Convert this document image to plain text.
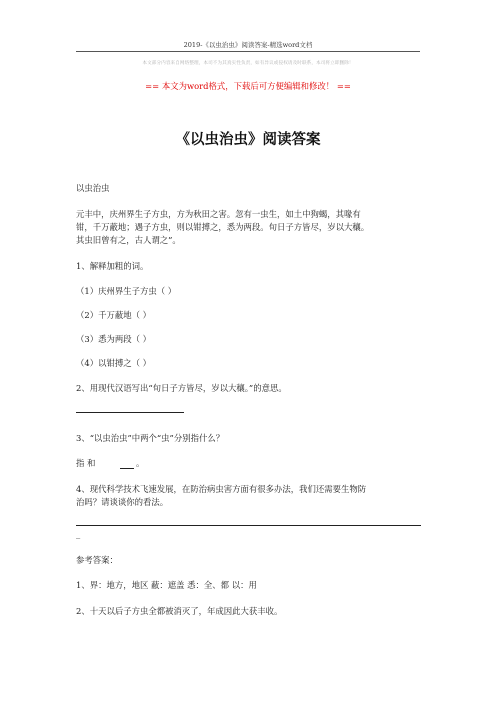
2019-《以虫治虫》阅读答案-精选word文档
本文部分内容来自网络整理，本司不为其真实性负责，如有异议或侵权请及时联系，本司将立即删除！
== 本文为word格式，下载后可方便编辑和修改！ ==
《以虫治虫》阅读答案
以虫治虫
元丰中，庆州界生子方虫，方为秋田之害。忽有一虫生，如土中狗蝎，其喙有
钳，千万蔽地；遇子方虫，则以钳搏之，悉为两段。旬日子方皆尽，岁以大穰。
其虫旧曾有之，古人谓之”。
1、解释加粗的词。
（1）庆州界生子方虫（ ）
（2）千万蔽地（ ）
（3）悉为两段（ ）
（4）以钳搏之（ ）
2、用现代汉语写出“旬日子方皆尽，岁以大穰。”的意思。
3、“以虫治虫”中两个“虫”分别指什么？
指 和	。
4、现代科学技术飞速发展，在防治病虫害方面有很多办法，我们还需要生物防
治吗？请谈谈你的看法。
_
参考答案：
1、界：地方，地区 蔽：遮盖 悉：全、都 以：用
2、十天以后子方虫全都被消灭了，年成因此大获丰收。
